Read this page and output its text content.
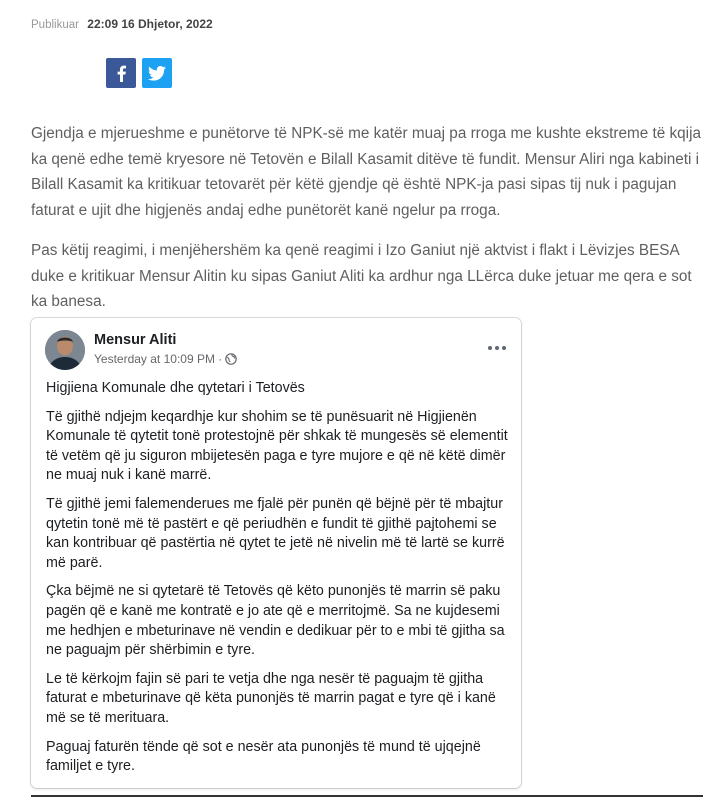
Publikuar 22:09 16 Dhjetor, 2022

Gjendja e mjerueshme e punëtorve të NPK-së me katër muaj pa rroga me kushte ekstreme të kqija ka qenë edhe temë kryesore në Tetovën e Bilall Kasamit ditëve të fundit. Mensur Aliri nga kabineti i Bilall Kasamit ka kritikuar tetovarët për këtë gjendje që është NPK-ja pasi sipas tij nuk i pagujan faturat e ujit dhe higjenës andaj edhe punëtorët kanë ngelur pa rroga.

Pas këtij reagimi, i menjëhershëm ka qenë reagimi i Izo Ganiut një aktvist i flakt i Lëvizjes BESA duke e kritikuar Mensur Alitin ku sipas Ganiut Aliti ka ardhur nga LLërca duke jetuar me qera e sot ka banesa.

Mensur Aliti
Yesterday at 10:09 PM ·

Higjiena Komunale dhe qytetari i Tetovës

Të gjithë ndjejm keqardhje kur shohim se të punësuarit në Higjienën Komunale të qytetit tonë protestojnë për shkak të mungesës së elementit të vetëm që ju siguron mbijetesën paga e tyre mujore e që në këtë dimër ne muaj nuk i kanë marrë.

Të gjithë jemi falemenderues me fjalë për punën që bëjnë për të mbajtur qytetin tonë më të pastërt e që periudhën e fundit të gjithë pajtohemi se kan kontribuar që pastërtia në qytet te jetë në nivelin më të lartë se kurrë më parë.

Çka bëjmë ne si qytetarë të Tetovës që këto punonjës të marrin së paku pagën që e kanë me kontratë e jo ate që e merritojmë. Sa ne kujdesemi me hedhjen e mbeturinave në vendin e dedikuar për to e mbi të gjitha sa ne paguajm për shërbimin e tyre.

Le të kërkojm fajin së pari te vetja dhe nga nesër të paguajm të gjitha faturat e mbeturinave që këta punonjës të marrin pagat e tyre që i kanë më se të merituara.

Paguaj faturën tënde që sot e nesër ata punonjës të mund të ujqejnë familjet e tyre.
